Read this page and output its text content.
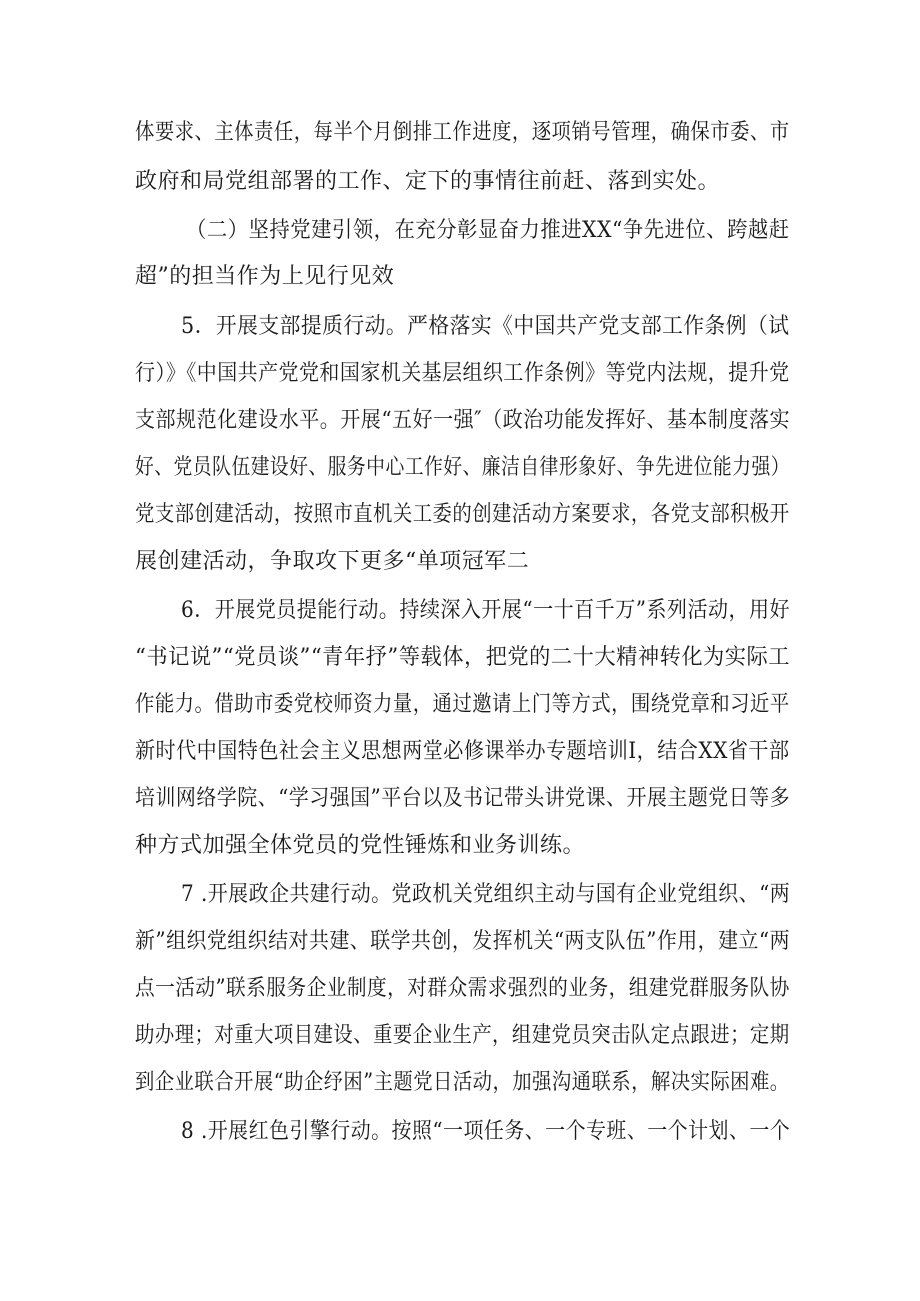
体要求、主体责任，每半个月倒排工作进度，逐项销号管理，确保市委、市
政府和局党组部署的工作、定下的事情往前赶、落到实处。
（二）坚持党建引领，在充分彰显奋力推进XX“争先进位、跨越赶
超”的担当作为上见行见效
5．开展支部提质行动。严格落实《中国共产党支部工作条例（试
行）》《中国共产党党和国家机关基层组织工作条例》等党内法规，提升党
支部规范化建设水平。开展“五好一强″（政治功能发挥好、基本制度落实
好、党员队伍建设好、服务中心工作好、廉洁自律形象好、争先进位能力强）
党支部创建活动，按照市直机关工委的创建活动方案要求，各党支部积极开
展创建活动，争取攻下更多“单项冠军二
6．开展党员提能行动。持续深入开展“一十百千万”系列活动，用好
“书记说”“党员谈”“青年抒”等载体，把党的二十大精神转化为实际工
作能力。借助市委党校师资力量，通过邀请上门等方式，围绕党章和习近平
新时代中国特色社会主义思想两堂必修课举办专题培训I，结合XX省干部
培训网络学院、“学习强国”平台以及书记带头讲党课、开展主题党日等多
种方式加强全体党员的党性锤炼和业务训练。
7 .开展政企共建行动。党政机关党组织主动与国有企业党组织、“两
新”组织党组织结对共建、联学共创，发挥机关“两支队伍”作用，建立“两
点一活动”联系服务企业制度，对群众需求强烈的业务，组建党群服务队协
助办理；对重大项目建设、重要企业生产，组建党员突击队定点跟进；定期
到企业联合开展“助企纾困”主题党日活动，加强沟通联系，解决实际困难。
8 .开展红色引擎行动。按照“一项任务、一个专班、一个计划、一个
